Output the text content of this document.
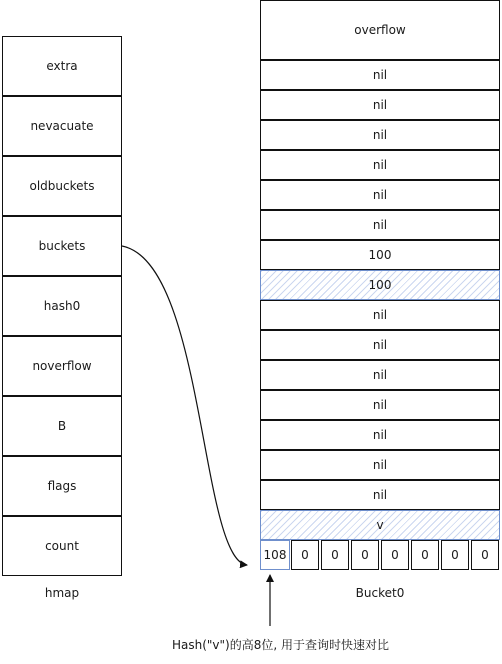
extra
nevacuate
oldbuckets
buckets
hash0
noverflow
B
flags
count
hmap
overflow
nil
nil
nil
nil
nil
nil
100
100
nil
nil
nil
nil
nil
nil
nil
v
108	0	0	0	0	0	0	0
Bucket0
Hash("v")的高8位, 用于查询时快速对比
